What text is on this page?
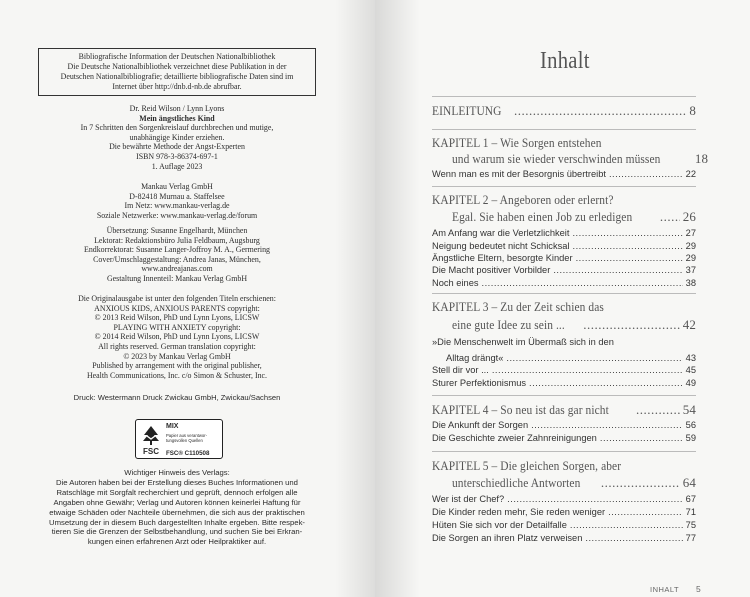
Bibliografische Information der Deutschen Nationalbibliothek
Die Deutsche Nationalbibliothek verzeichnet diese Publikation in der
Deutschen Nationalbibliografie; detaillierte bibliografische Daten sind im
Internet über http://dnb.d-nb.de abrufbar.
Dr. Reid Wilson / Lynn Lyons
Mein ängstliches Kind
In 7 Schritten den Sorgenkreislauf durchbrechen und mutige,
unabhängige Kinder erziehen.
Die bewährte Methode der Angst-Experten
ISBN 978-3-86374-697-1
1. Auflage 2023
Mankau Verlag GmbH
D-82418 Murnau a. Staffelsee
Im Netz: www.mankau-verlag.de
Soziale Netzwerke: www.mankau-verlag.de/forum
Übersetzung: Susanne Engelhardt, München
Lektorat: Redaktionsbüro Julia Feldbaum, Augsburg
Endkorrektorat: Susanne Langer-Joffroy M. A., Germering
Cover/Umschlaggestaltung: Andrea Janas, München,
www.andreajanas.com
Gestaltung Innenteil: Mankau Verlag GmbH
Die Originalausgabe ist unter den folgenden Titeln erschienen:
ANXIOUS KIDS, ANXIOUS PARENTS copyright:
© 2013 Reid Wilson, PhD und Lynn Lyons, LICSW
PLAYING WITH ANXIETY copyright:
© 2014 Reid Wilson, PhD und Lynn Lyons, LICSW
All rights reserved. German translation copyright:
© 2023 by Mankau Verlag GmbH
Published by arrangement with the original publisher,
Health Communications, Inc. c/o Simon & Schuster, Inc.
Druck: Westermann Druck Zwickau GmbH, Zwickau/Sachsen
FSC
MIX
Papier aus verantwor-
tungsvollen Quellen
FSC® C110508
Wichtiger Hinweis des Verlags:
Die Autoren haben bei der Erstellung dieses Buches Informationen und
Ratschläge mit Sorgfalt recherchiert und geprüft, dennoch erfolgen alle
Angaben ohne Gewähr; Verlag und Autoren können keinerlei Haftung für
etwaige Schäden oder Nachteile übernehmen, die sich aus der praktischen
Umsetzung der in diesem Buch dargestellten Inhalte ergeben. Bitte respek-
tieren Sie die Grenzen der Selbstbehandlung, und suchen Sie bei Erkran-
kungen einen erfahrenen Arzt oder Heilpraktiker auf.
Inhalt
EINLEITUNG .....	8
KAPITEL 1 – Wie Sorgen entstehen
und warum sie wieder verschwinden müssen	18
Wenn man es mit der Besorgnis übertreibt .....	22
KAPITEL 2 – Angeboren oder erlernt?
Egal. Sie haben einen Job zu erledigen .....	26
Am Anfang war die Verletzlichkeit .....	27
Neigung bedeutet nicht Schicksal .....	29
Ängstliche Eltern, besorgte Kinder .....	29
Die Macht positiver Vorbilder .....	37
Noch eines .....	38
KAPITEL 3 – Zu der Zeit schien das
eine gute Idee zu sein ... .....	42
»Die Menschenwelt im Übermaß sich in den
Alltag drängt« .....	43
Stell dir vor ... .....	45
Sturer Perfektionismus .....	49
KAPITEL 4 – So neu ist das gar nicht .....	54
Die Ankunft der Sorgen .....	56
Die Geschichte zweier Zahnreinigungen .....	59
KAPITEL 5 – Die gleichen Sorgen, aber
unterschiedliche Antworten .....	64
Wer ist der Chef? .....	67
Die Kinder reden mehr, Sie reden weniger .....	71
Hüten Sie sich vor der Detailfalle .....	75
Die Sorgen an ihren Platz verweisen .....	77
INHALT 5
